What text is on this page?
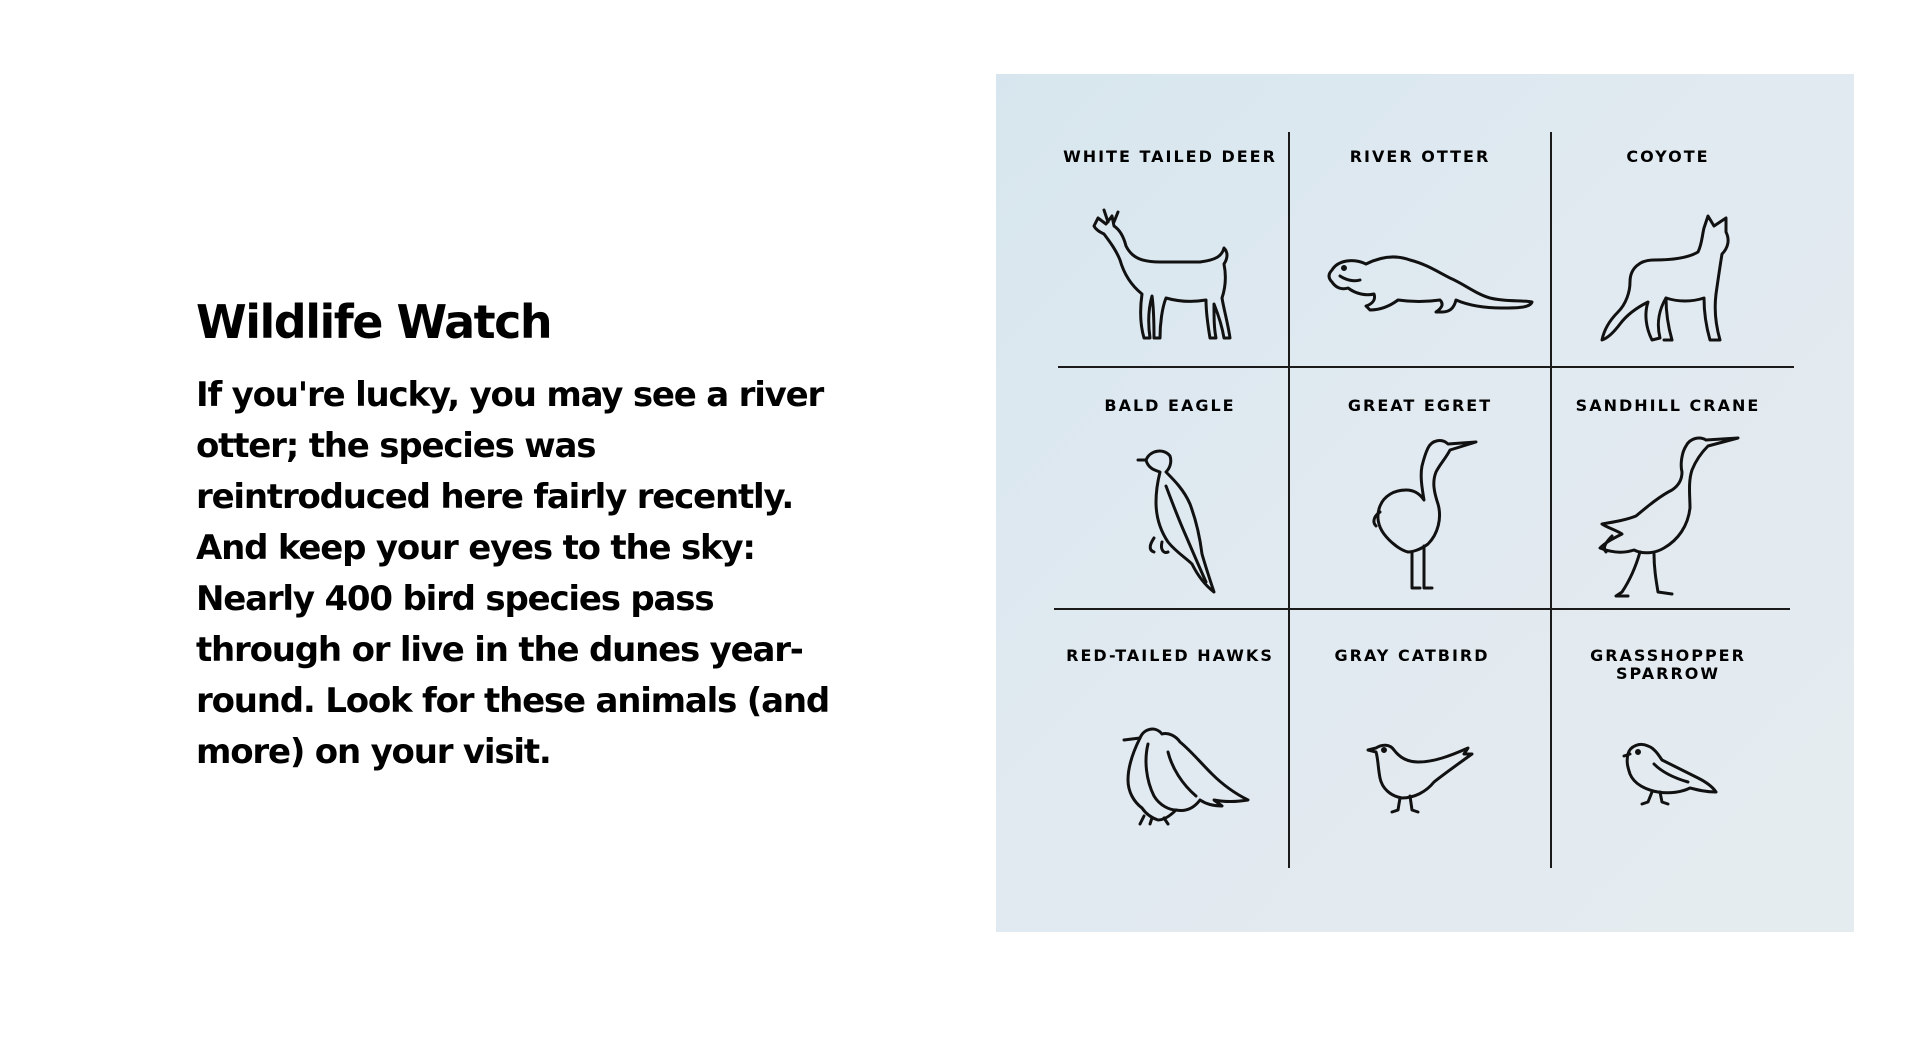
Wildlife Watch

If you're lucky, you may see a river otter; the species was reintroduced here fairly recently. And keep your eyes to the sky: Nearly 400 bird species pass through or live in the dunes year-round. Look for these animals (and more) on your visit.

WHITE TAILED DEER	RIVER OTTER	COYOTE
BALD EAGLE	GREAT EGRET	SANDHILL CRANE
RED-TAILED HAWKS	GRAY CATBIRD	GRASSHOPPER
SPARROW
